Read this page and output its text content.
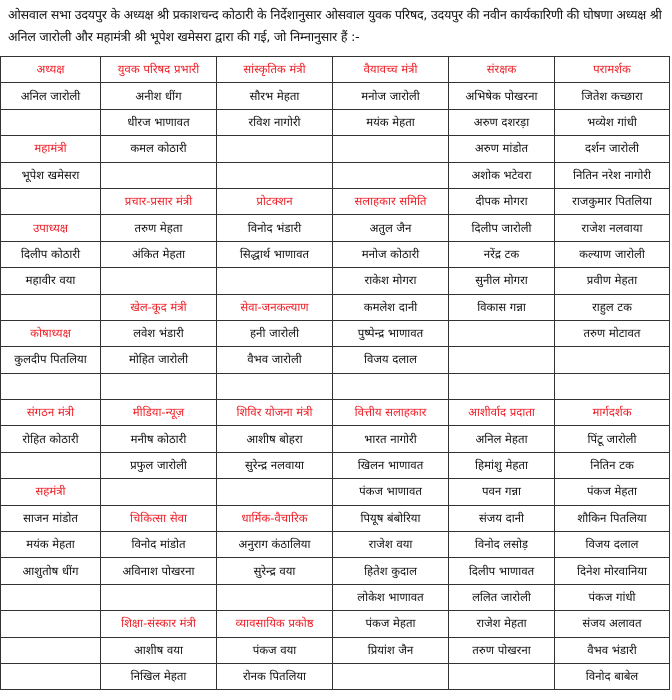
ओसवाल सभा उदयपुर के अध्यक्ष श्री प्रकाशचन्द कोठारी के निर्देशानुसार ओसवाल युवक परिषद, उदयपुर की नवीन कार्यकारिणी की घोषणा अध्यक्ष श्री अनिल जारोली और महामंत्री श्री भूपेश खमेसरा द्वारा की गई, जो निम्नानुसार हैं :-
अध्यक्ष	युवक परिषद प्रभारी	सांस्कृतिक मंत्री	वैयावच्च मंत्री	संरक्षक	परामर्शक
अनिल जारोली	अनीश धींग	सौरभ मेहता	मनोज जारोली	अभिषेक पोखरना	जितेश कच्छारा
	धीरज भाणावत	रविश नागोरी	मयंक मेहता	अरुण दशरड़ा	भव्येश गांधी
महामंत्री	कमल कोठारी			अरुण मांडोत	दर्शन जारोली
भूपेश खमेसरा				अशोक भटेवरा	नितिन नरेश नागोरी
	प्रचार-प्रसार मंत्री	प्रोटक्शन	सलाहकार समिति	दीपक मोगरा	राजकुमार पितलिया
उपाध्यक्ष	तरुण मेहता	विनोद भंडारी	अतुल जैन	दिलीप जारोली	राजेश नलवाया
दिलीप कोठारी	अंकित मेहता	सिद्धार्थ भाणावत	मनोज कोठारी	नरेंद्र टक	कल्याण जारोली
महावीर वया			राकेश मोगरा	सुनील मोगरा	प्रवीण मेहता
	खेल-कूद मंत्री	सेवा-जनकल्याण	कमलेश दानी	विकास गन्ना	राहुल टक
कोषाध्यक्ष	लवेश भंडारी	हनी जारोली	पुष्पेन्द्र भाणावत		तरुण मोटावत
कुलदीप पितलिया	मोहित जारोली	वैभव जारोली	विजय दलाल		

संगठन मंत्री	मीडिया-न्यूज़	शिविर योजना मंत्री	वित्तीय सलाहकार	आशीर्वाद प्रदाता	मार्गदर्शक
रोहित कोठारी	मनीष कोठारी	आशीष बोहरा	भारत नागोरी	अनिल मेहता	पिंटू जारोली
	प्रफुल जारोली	सुरेन्द्र नलवाया	खिलन भाणावत	हिमांशु मेहता	नितिन टक
सहमंत्री			पंकज भाणावत	पवन गन्ना	पंकज मेहता
साजन मांडोत	चिकित्सा सेवा	धार्मिक-वैचारिक	पियूष बंबोरिया	संजय दानी	शौकिन पितलिया
मयंक मेहता	विनोद मांडोत	अनुराग कंठालिया	राजेश वया	विनोद लसोड़	विजय दलाल
आशुतोष धींग	अविनाश पोखरना	सुरेन्द्र वया	हितेश कुदाल	दिलीप भाणावत	दिनेश मोरवानिया
			लोकेश भाणावत	ललित जारोली	पंकज गांधी
	शिक्षा-संस्कार मंत्री	व्यावसायिक प्रकोष्ठ	पंकज मेहता	राजेश मेहता	संजय अलावत
	आशीष वया	पंकज वया	प्रियांश जैन	तरुण पोखरना	वैभव भंडारी
	निखिल मेहता	रोनक पितलिया			विनोद बाबेल
